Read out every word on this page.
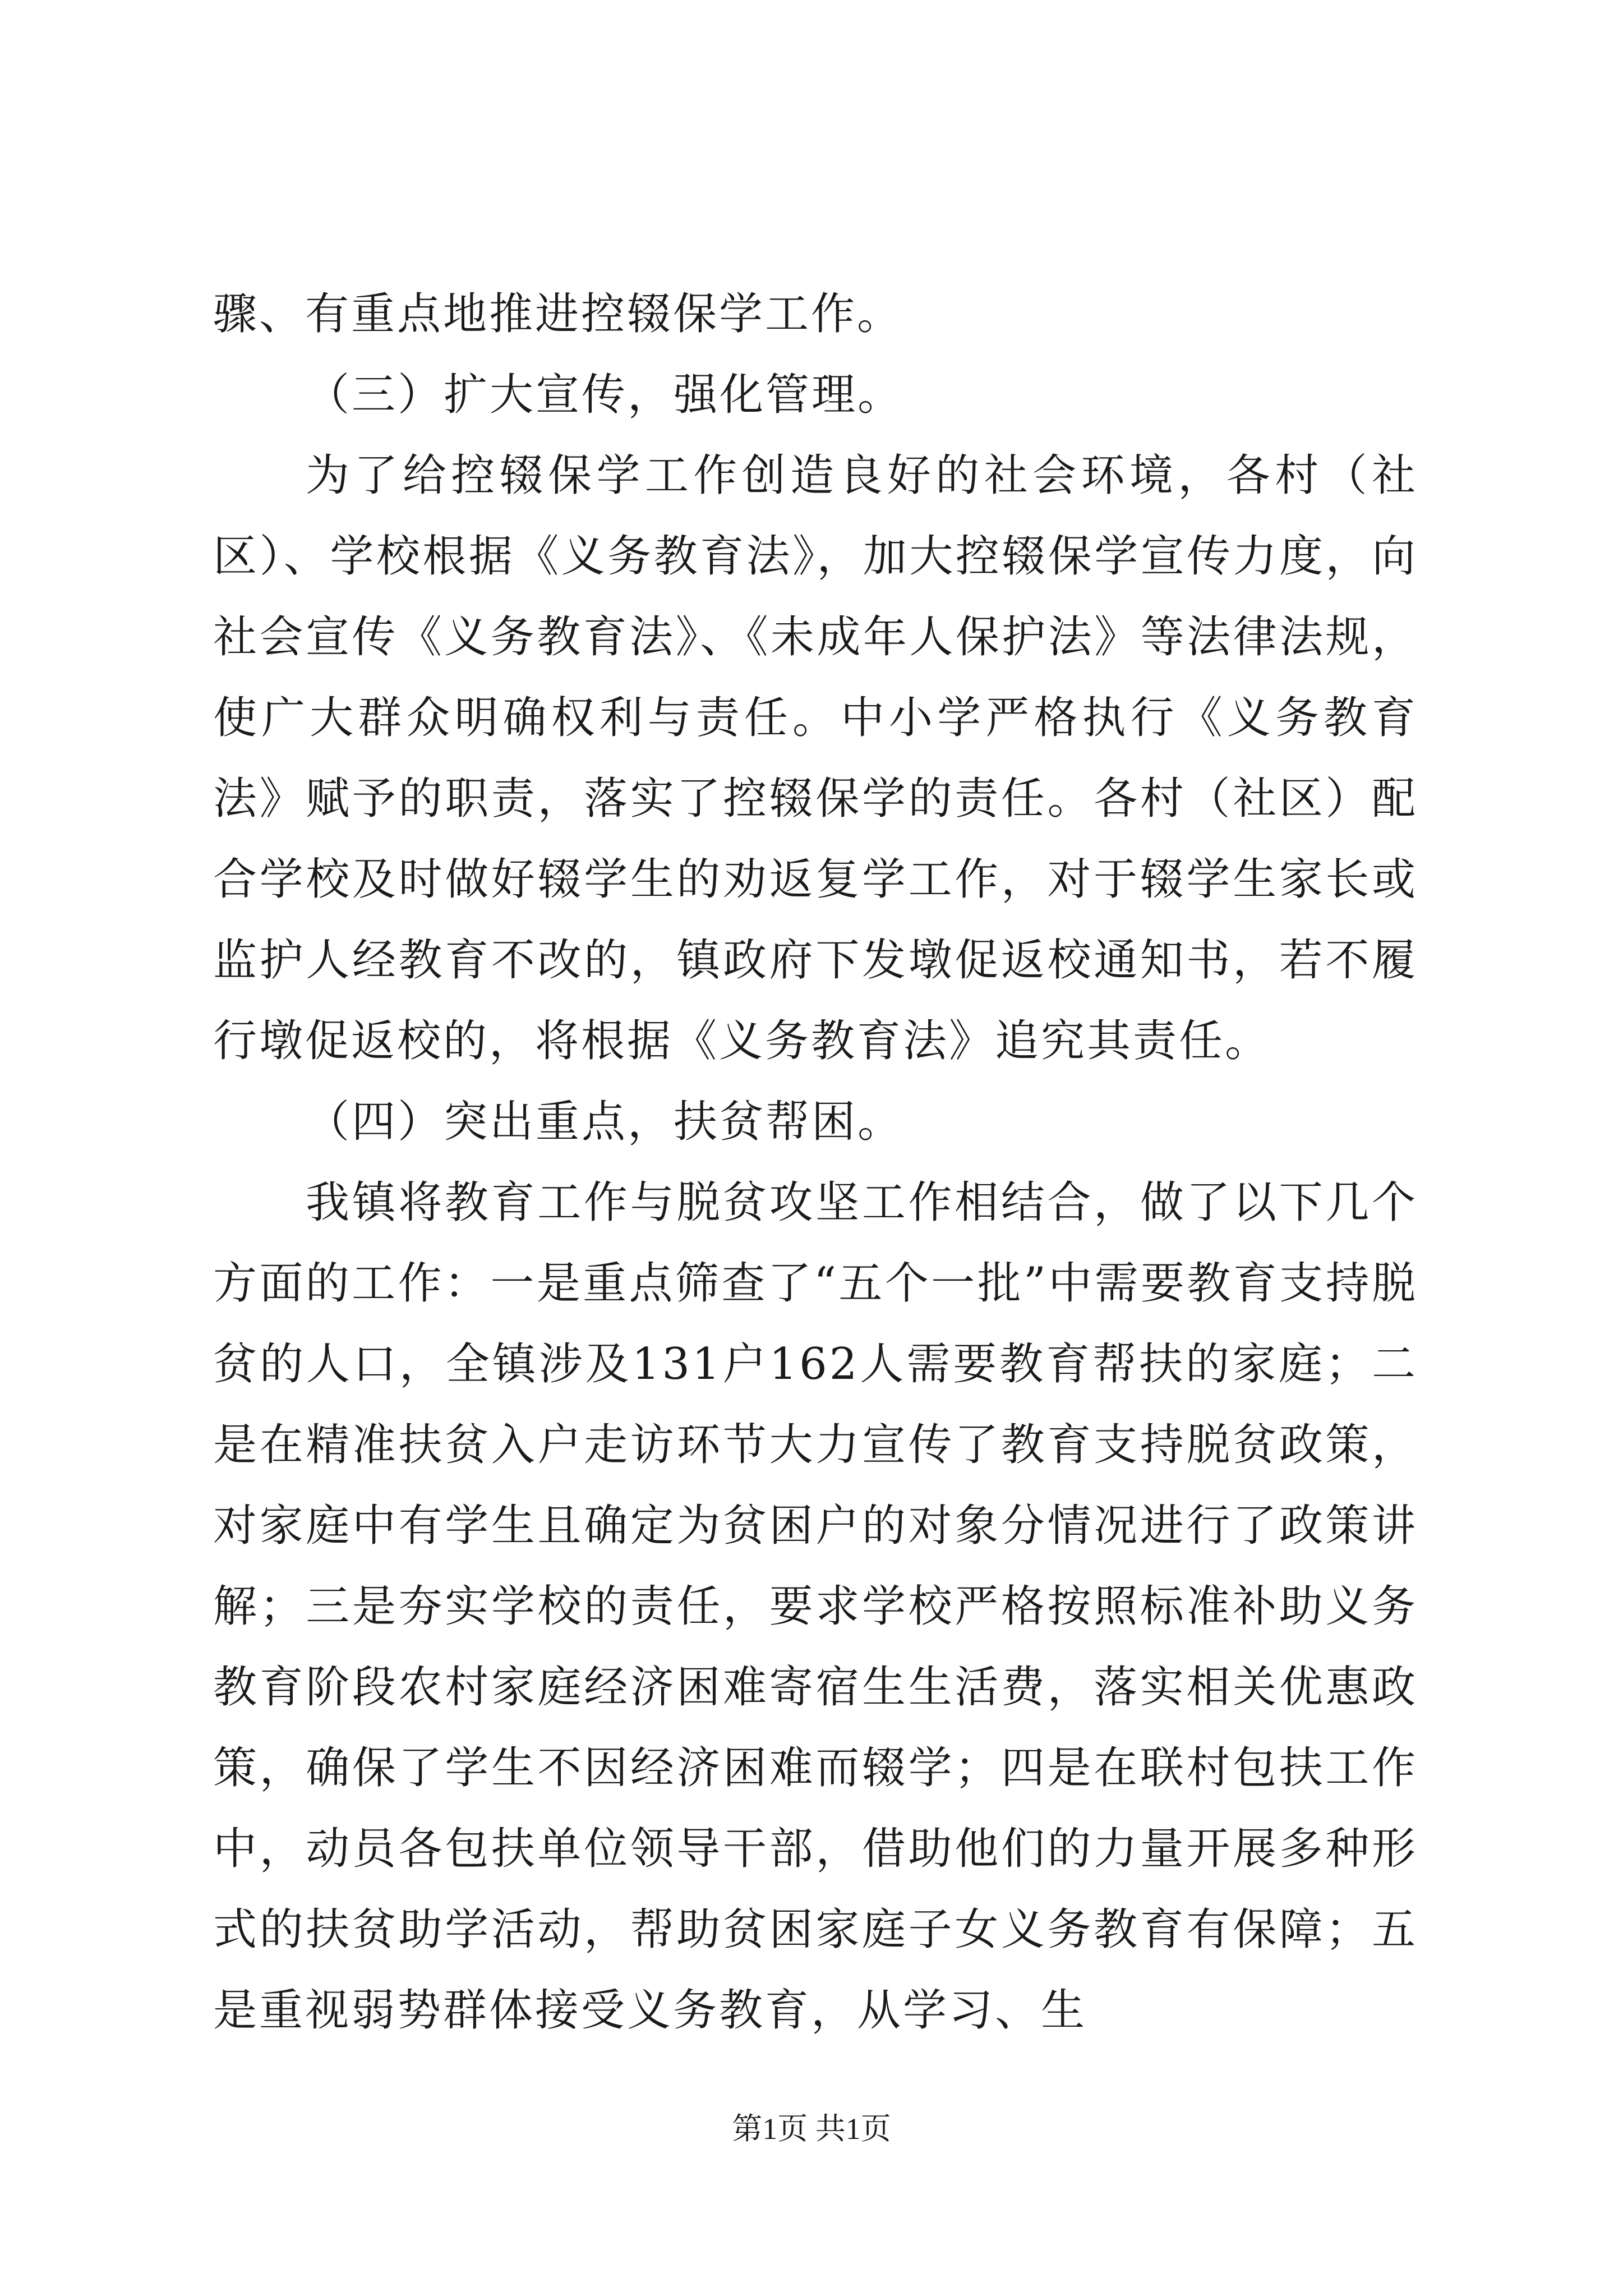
骤、有重点地推进控辍保学工作。

（三）扩大宣传，强化管理。

为了给控辍保学工作创造良好的社会环境，各村（社区）、学校根据《义务教育法》，加大控辍保学宣传力度，向社会宣传《义务教育法》、《未成年人保护法》等法律法规，使广大群众明确权利与责任。中小学严格执行《义务教育法》赋予的职责，落实了控辍保学的责任。各村（社区）配合学校及时做好辍学生的劝返复学工作，对于辍学生家长或监护人经教育不改的，镇政府下发墩促返校通知书，若不履行墩促返校的，将根据《义务教育法》追究其责任。

（四）突出重点，扶贫帮困。

我镇将教育工作与脱贫攻坚工作相结合，做了以下几个方面的工作：一是重点筛查了“五个一批”中需要教育支持脱贫的人口，全镇涉及131户162人需要教育帮扶的家庭；二是在精准扶贫入户走访环节大力宣传了教育支持脱贫政策，对家庭中有学生且确定为贫困户的对象分情况进行了政策讲解；三是夯实学校的责任，要求学校严格按照标准补助义务教育阶段农村家庭经济困难寄宿生生活费，落实相关优惠政策，确保了学生不因经济困难而辍学；四是在联村包扶工作中，动员各包扶单位领导干部，借助他们的力量开展多种形式的扶贫助学活动，帮助贫困家庭子女义务教育有保障；五是重视弱势群体接受义务教育，从学习、生

第1页 共1页
